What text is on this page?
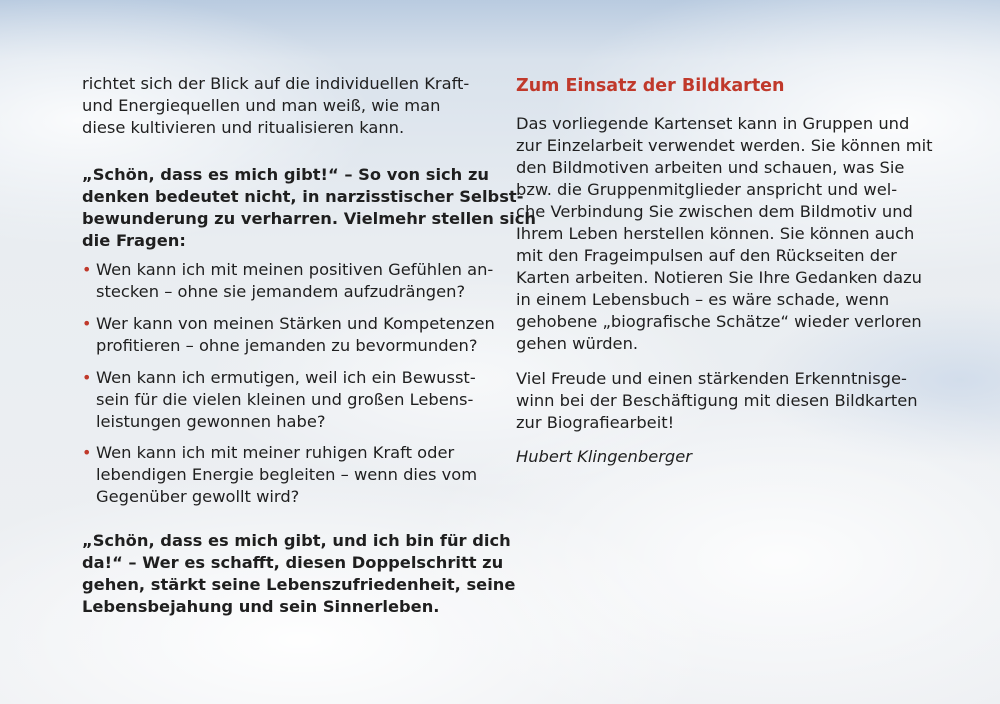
richtet sich der Blick auf die individuellen Kraft-
und Energiequellen und man weiß, wie man
diese kultivieren und ritualisieren kann.
„Schön, dass es mich gibt!“ – So von sich zu
denken bedeutet nicht, in narzisstischer Selbst-
bewunderung zu verharren. Vielmehr stellen sich
die Fragen:
• Wen kann ich mit meinen positiven Gefühlen an-
stecken – ohne sie jemandem aufzudrängen?
• Wer kann von meinen Stärken und Kompetenzen
profitieren – ohne jemanden zu bevormunden?
• Wen kann ich ermutigen, weil ich ein Bewusst-
sein für die vielen kleinen und großen Lebens-
leistungen gewonnen habe?
• Wen kann ich mit meiner ruhigen Kraft oder
lebendigen Energie begleiten – wenn dies vom
Gegenüber gewollt wird?
„Schön, dass es mich gibt, und ich bin für dich
da!“ – Wer es schafft, diesen Doppelschritt zu
gehen, stärkt seine Lebenszufriedenheit, seine
Lebensbejahung und sein Sinnerleben.
Zum Einsatz der Bildkarten
Das vorliegende Kartenset kann in Gruppen und
zur Einzelarbeit verwendet werden. Sie können mit
den Bildmotiven arbeiten und schauen, was Sie
bzw. die Gruppenmitglieder anspricht und wel-
che Verbindung Sie zwischen dem Bildmotiv und
Ihrem Leben herstellen können. Sie können auch
mit den Frageimpulsen auf den Rückseiten der
Karten arbeiten. Notieren Sie Ihre Gedanken dazu
in einem Lebensbuch – es wäre schade, wenn
gehobene „biografische Schätze“ wieder verloren
gehen würden.
Viel Freude und einen stärkenden Erkenntnisge-
winn bei der Beschäftigung mit diesen Bildkarten
zur Biografiearbeit!
Hubert Klingenberger
